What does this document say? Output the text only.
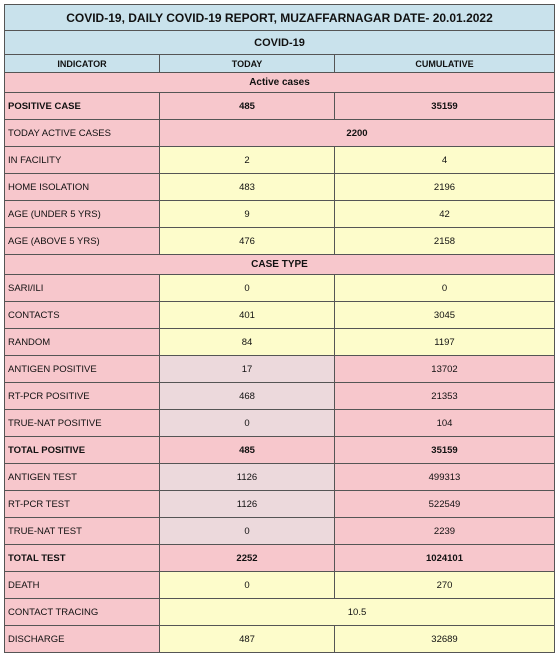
COVID-19, DAILY COVID-19 REPORT, MUZAFFARNAGAR DATE- 20.01.2022		
COVID-19		
INDICATOR	TODAY	CUMULATIVE
Active cases		
POSITIVE CASE	485	35159
TODAY ACTIVE CASES	2200	
IN FACILITY	2	4
HOME ISOLATION	483	2196
AGE (UNDER 5 YRS)	9	42
AGE (ABOVE 5 YRS)	476	2158
CASE TYPE		
SARI/ILI	0	0
CONTACTS	401	3045
RANDOM	84	1197
ANTIGEN POSITIVE	17	13702
RT-PCR POSITIVE	468	21353
TRUE-NAT POSITIVE	0	104
TOTAL POSITIVE	485	35159
ANTIGEN TEST	1126	499313
RT-PCR TEST	1126	522549
TRUE-NAT TEST	0	2239
TOTAL TEST	2252	1024101
DEATH	0	270
CONTACT TRACING	10.5	
DISCHARGE	487	32689
